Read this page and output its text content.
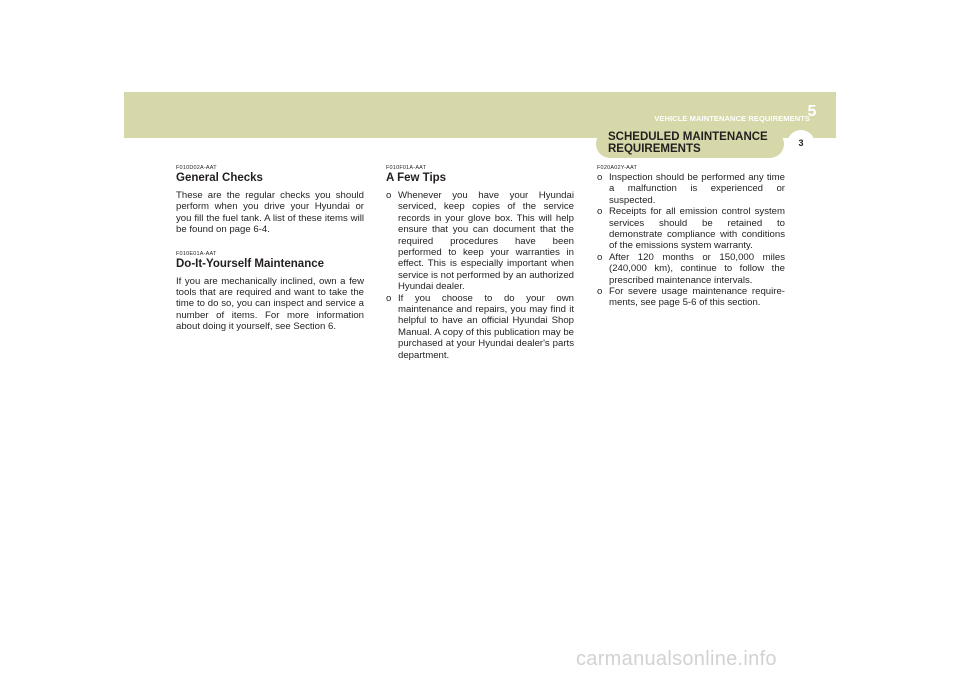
VEHICLE MAINTENANCE REQUIREMENTS
5
3
SCHEDULED MAINTENANCE
REQUIREMENTS
F010D02A-AAT
General Checks

These are the regular checks you should perform when you drive your Hyundai or you fill the fuel tank. A list of these items will be found on page 6-4.

F010E01A-AAT
Do-It-Yourself Maintenance

If you are mechanically inclined, own a few tools that are required and want to take the time to do so, you can inspect and service a number of items. For more information about doing it yourself, see Section 6.

F010F01A-AAT
A Few Tips
o Whenever you have your Hyundai serviced, keep copies of the service records in your glove box. This will help ensure that you can document that the required procedures have been performed to keep your warranties in effect. This is especially important when service is not performed by an authorized Hyundai dealer.
o If you choose to do your own maintenance and repairs, you may find it helpful to have an official Hyundai Shop Manual. A copy of this publication may be purchased at your Hyundai dealer's parts department.
F020A02Y-AAT
o Inspection should be performed any time a malfunction is experienced or suspected.
o Receipts for all emission control system services should be retained to demonstrate compliance with conditions of the emissions system warranty.
o After 120 months or 150,000 miles (240,000 km), continue to follow the prescribed maintenance intervals.
o For severe usage maintenance require-ments, see page 5-6 of this section.
carmanualsonline.info
